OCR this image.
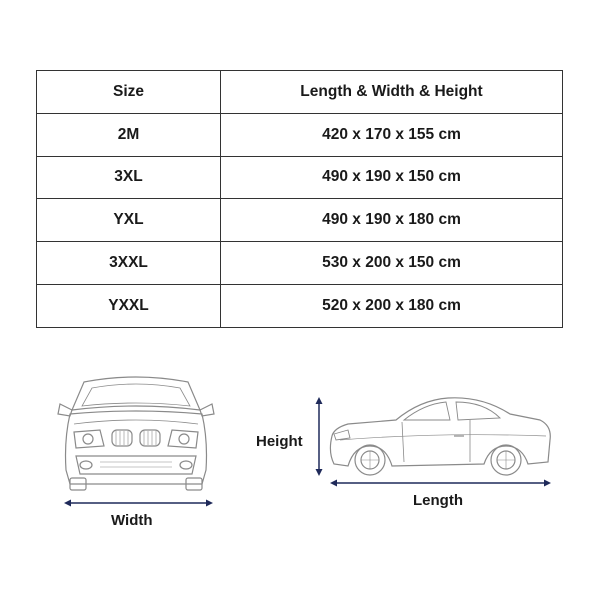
Size	Length & Width & Height
2M	420 x 170 x 155 cm
3XL	490 x 190 x 150 cm
YXL	490 x 190 x 180 cm
3XXL	530 x 200 x 150 cm
YXXL	520 x 200 x 180 cm
Width
Height
Length
